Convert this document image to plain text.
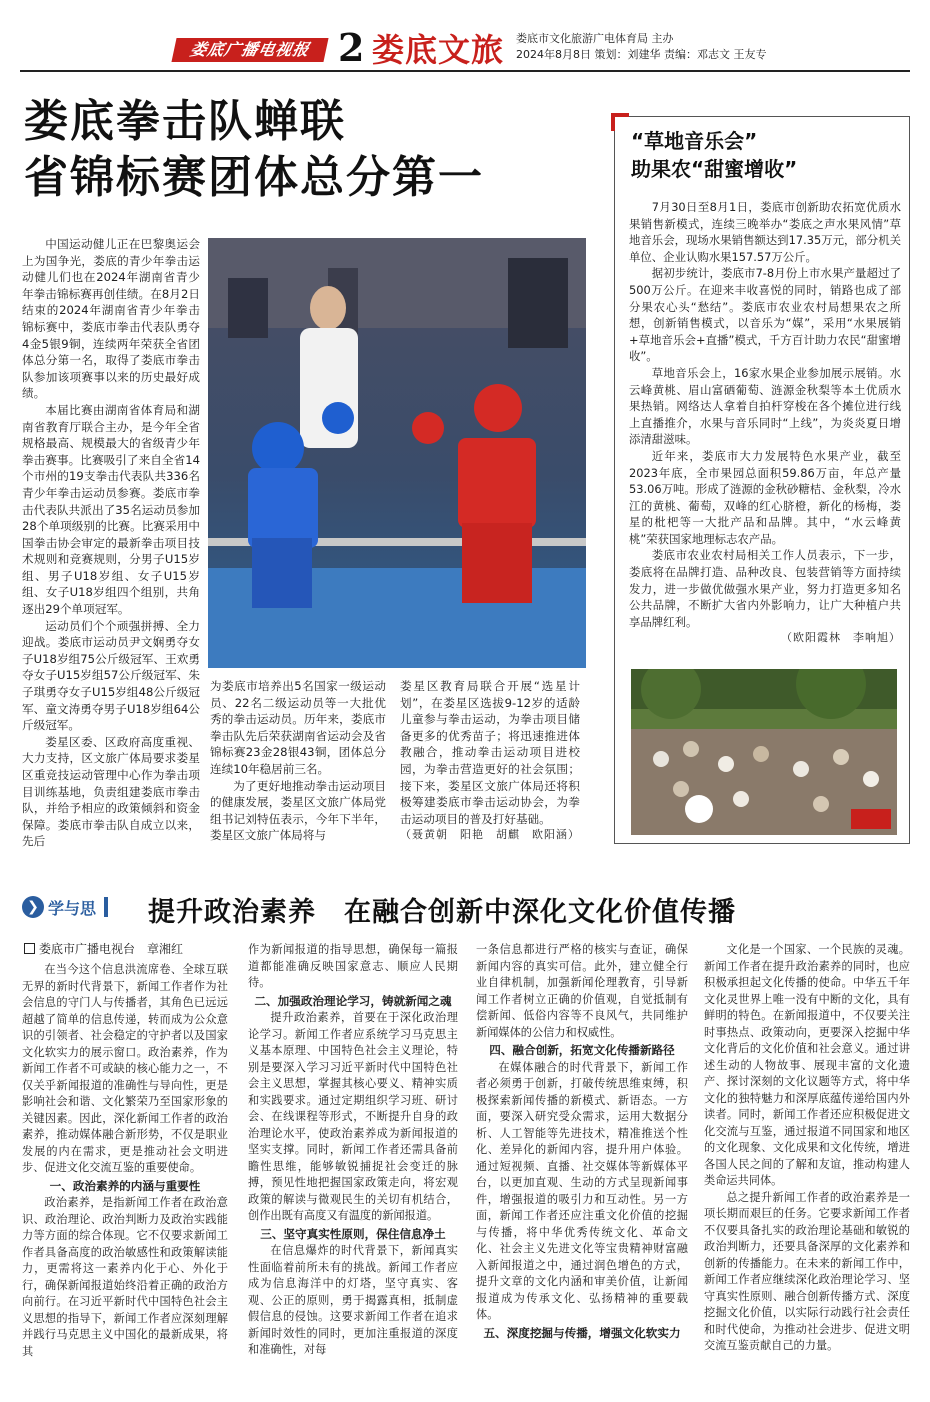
娄底广播电视报 2 娄底文旅 娄底市文化旅游广电体育局 主办
2024年8月8日 策划：刘建华 责编：邓志文 王友专
娄底拳击队蝉联
省锦标赛团体总分第一

中国运动健儿正在巴黎奥运会上为国争光，娄底的青少年拳击运动健儿们也在2024年湖南省青少年拳击锦标赛再创佳绩。在8月2日结束的2024年湖南省青少年拳击锦标赛中，娄底市拳击代表队勇夺4金5银9铜，连续两年荣获全省团体总分第一名，取得了娄底市拳击队参加该项赛事以来的历史最好成绩。

本届比赛由湖南省体育局和湖南省教育厅联合主办，是今年全省规格最高、规模最大的省级青少年拳击赛事。比赛吸引了来自全省14个市州的19支拳击代表队共336名青少年拳击运动员参赛。娄底市拳击代表队共派出了35名运动员参加28个单项级别的比赛。比赛采用中国拳击协会审定的最新拳击项目技术规则和竞赛规则，分男子U15岁组、男子U18岁组、女子U15岁组、女子U18岁组四个组别，共角逐出29个单项冠军。

运动员们个个顽强拼搏、全力迎战。娄底市运动员尹文娴勇夺女子U18岁组75公斤级冠军、王欢勇夺女子U15岁组57公斤级冠军、朱子琪勇夺女子U15岁组48公斤级冠军、童文涛勇夺男子U18岁组64公斤级冠军。

娄星区委、区政府高度重视、大力支持，区文旅广体局要求娄星区重竞技运动管理中心作为拳击项目训练基地，负责组建娄底市拳击队，并给予相应的政策倾斜和资金保障。娄底市拳击队自成立以来，先后

为娄底市培养出5名国家一级运动员、22名二级运动员等一大批优秀的拳击运动员。历年来，娄底市拳击队先后荣获湖南省运动会及省锦标赛23金28银43铜，团体总分连续10年稳居前三名。

为了更好地推动拳击运动项目的健康发展，娄星区文旅广体局党组书记刘特伍表示，今年下半年，娄星区文旅广体局将与

娄星区教育局联合开展“选星计划”，在娄星区选拔9-12岁的适龄儿童参与拳击运动，为拳击项目储备更多的优秀苗子；将迅速推进体教融合，推动拳击运动项目进校园，为拳击营造更好的社会氛围；接下来，娄星区文旅广体局还将积极筹建娄底市拳击运动协会，为拳击运动项目的普及打好基础。

（聂黄朝　阳艳　胡麒　欧阳涵）
“草地音乐会”
助果农“甜蜜增收”

7月30日至8月1日，娄底市创新助农拓宽优质水果销售新模式，连续三晚举办“娄底之声水果风情”草地音乐会，现场水果销售额达到17.35万元，部分机关单位、企业认购水果157.57万公斤。

据初步统计，娄底市7-8月份上市水果产量超过了500万公斤。在迎来丰收喜悦的同时，销路也成了部分果农心头“愁结”。娄底市农业农村局想果农之所想，创新销售模式，以音乐为“媒”，采用“水果展销+草地音乐会+直播”模式，千方百计助力农民“甜蜜增收”。

草地音乐会上，16家水果企业参加展示展销。水云峰黄桃、眉山富硒葡萄、涟源金秋梨等本土优质水果热销。网络达人拿着自拍杆穿梭在各个摊位进行线上直播推介，水果与音乐同时“上线”，为炎炎夏日增添清甜滋味。

近年来，娄底市大力发展特色水果产业，截至2023年底，全市果园总面积59.86万亩，年总产量53.06万吨。形成了涟源的金秋砂糖桔、金秋梨，冷水江的黄桃、葡萄，双峰的红心脐橙，新化的杨梅，娄星的枇杷等一大批产品和品牌。其中，“水云峰黄桃”荣获国家地理标志农产品。

娄底市农业农村局相关工作人员表示，下一步，娄底将在品牌打造、品种改良、包装营销等方面持续发力，进一步做优做强水果产业，努力打造更多知名公共品牌，不断扩大省内外影响力，让广大种植户共享品牌红利。

（欧阳霞林　李响旭）
❯ 学与思 提升政治素养　在融合创新中深化文化价值传播
娄底市广播电视台　章湘红

在当今这个信息洪流席卷、全球互联无界的新时代背景下，新闻工作者作为社会信息的守门人与传播者，其角色已远远超越了简单的信息传递，转而成为公众意识的引领者、社会稳定的守护者以及国家文化软实力的展示窗口。政治素养，作为新闻工作者不可或缺的核心能力之一，不仅关乎新闻报道的准确性与导向性，更是影响社会和谐、文化繁荣乃至国家形象的关键因素。因此，深化新闻工作者的政治素养，推动媒体融合新形势，不仅是职业发展的内在需求，更是推动社会文明进步、促进文化交流互鉴的重要使命。

一、政治素养的内涵与重要性

政治素养，是指新闻工作者在政治意识、政治理论、政治判断力及政治实践能力等方面的综合体现。它不仅要求新闻工作者具备高度的政治敏感性和政策解读能力，更需将这一素养内化于心、外化于行，确保新闻报道始终沿着正确的政治方向前行。在习近平新时代中国特色社会主义思想的指导下，新闻工作者应深刻理解并践行马克思主义中国化的最新成果，将其

作为新闻报道的指导思想，确保每一篇报道都能准确反映国家意志、顺应人民期待。

二、加强政治理论学习，铸就新闻之魂

提升政治素养，首要在于深化政治理论学习。新闻工作者应系统学习马克思主义基本原理、中国特色社会主义理论，特别是要深入学习习近平新时代中国特色社会主义思想，掌握其核心要义、精神实质和实践要求。通过定期组织学习班、研讨会、在线课程等形式，不断提升自身的政治理论水平，使政治素养成为新闻报道的坚实支撑。同时，新闻工作者还需具备前瞻性思维，能够敏锐捕捉社会变迁的脉搏，预见性地把握国家政策走向，将宏观政策的解读与微观民生的关切有机结合，创作出既有高度又有温度的新闻报道。

三、坚守真实性原则，保住信息净土

在信息爆炸的时代背景下，新闻真实性面临着前所未有的挑战。新闻工作者应成为信息海洋中的灯塔，坚守真实、客观、公正的原则，勇于揭露真相，抵制虚假信息的侵蚀。这要求新闻工作者在追求新闻时效性的同时，更加注重报道的深度和准确性，对每

一条信息都进行严格的核实与查证，确保新闻内容的真实可信。此外，建立健全行业自律机制，加强新闻伦理教育，引导新闻工作者树立正确的价值观，自觉抵制有偿新闻、低俗内容等不良风气，共同维护新闻媒体的公信力和权威性。

四、融合创新，拓宽文化传播新路径

在媒体融合的时代背景下，新闻工作者必须勇于创新，打破传统思维束缚，积极探索新闻传播的新模式、新语态。一方面，要深入研究受众需求，运用大数据分析、人工智能等先进技术，精准推送个性化、差异化的新闻内容，提升用户体验。通过短视频、直播、社交媒体等新媒体平台，以更加直观、生动的方式呈现新闻事件，增强报道的吸引力和互动性。另一方面，新闻工作者还应注重文化价值的挖掘与传播，将中华优秀传统文化、革命文化、社会主义先进文化等宝贵精神财富融入新闻报道之中，通过润色增色的方式，提升文章的文化内涵和审美价值，让新闻报道成为传承文化、弘扬精神的重要载体。

五、深度挖掘与传播，增强文化软实力

文化是一个国家、一个民族的灵魂。新闻工作者在提升政治素养的同时，也应积极承担起文化传播的使命。中华五千年文化灵世界上唯一没有中断的文化，具有鲜明的特色。在新闻报道中，不仅要关注时事热点、政策动向，更要深入挖掘中华文化背后的文化价值和社会意义。通过讲述生动的人物故事、展现丰富的文化遗产、探讨深刻的文化议题等方式，将中华文化的独特魅力和深厚底蕴传递给国内外读者。同时，新闻工作者还应积极促进文化交流与互鉴，通过报道不同国家和地区的文化现象、文化成果和文化传统，增进各国人民之间的了解和友谊，推动构建人类命运共同体。

总之提升新闻工作者的政治素养是一项长期而艰巨的任务。它要求新闻工作者不仅要具备扎实的政治理论基础和敏锐的政治判断力，还要具备深厚的文化素养和创新的传播能力。在未来的新闻工作中，新闻工作者应继续深化政治理论学习、坚守真实性原则、融合创新传播方式、深度挖掘文化价值，以实际行动践行社会责任和时代使命，为推动社会进步、促进文明交流互鉴贡献自己的力量。
